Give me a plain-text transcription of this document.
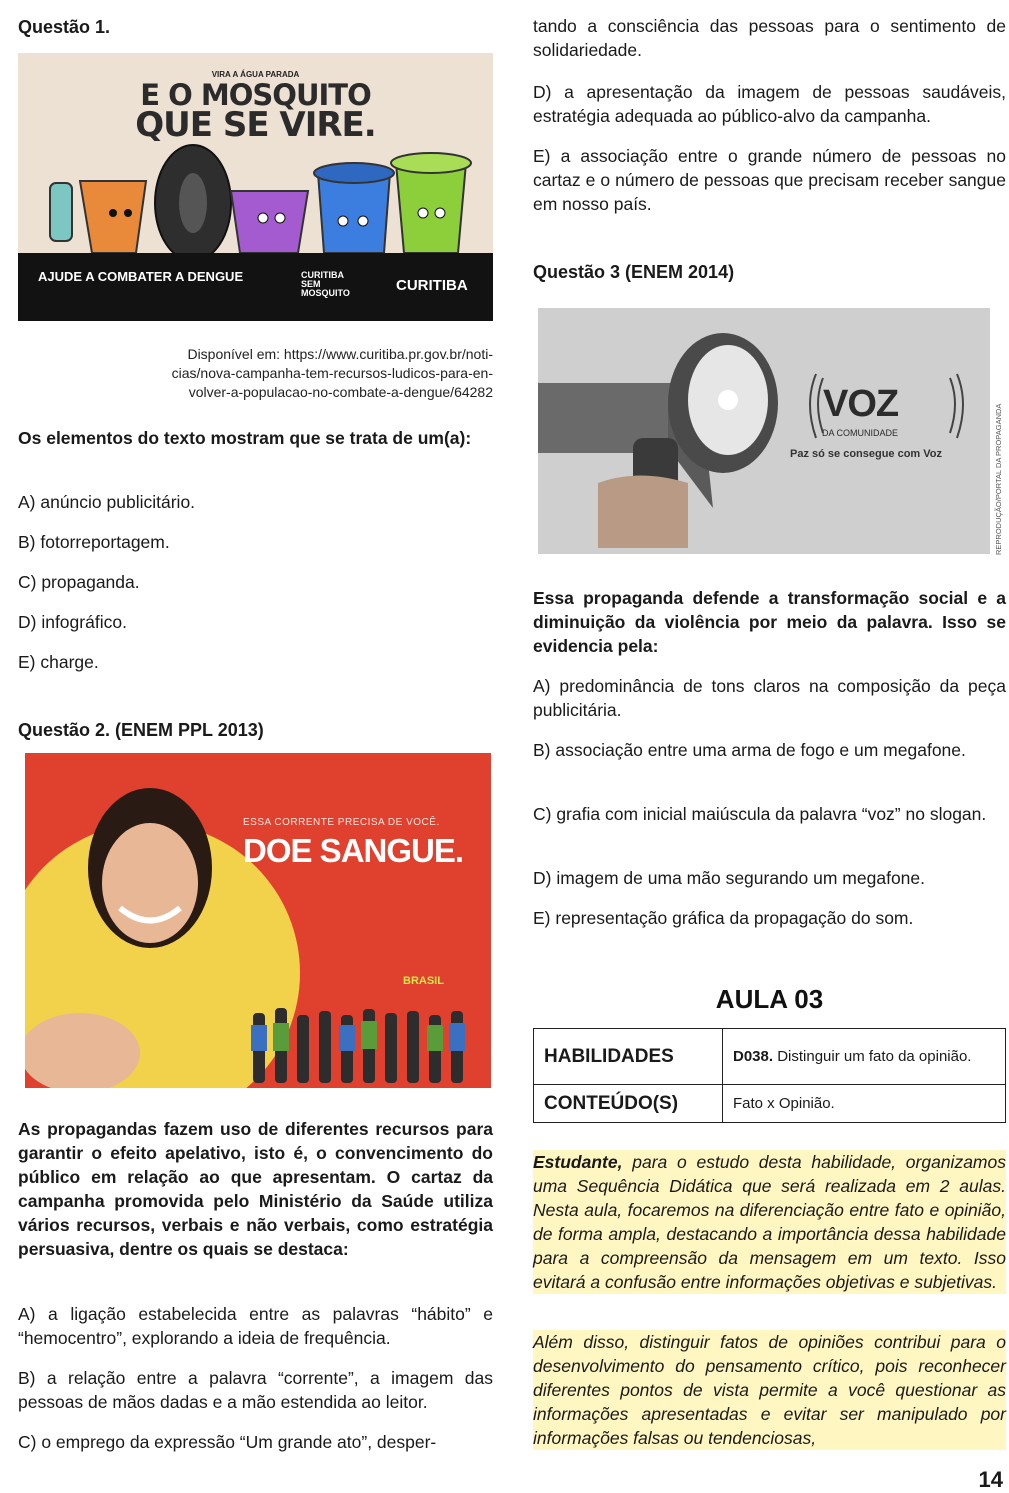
Questão 1.
VIRA A ÁGUA PARADA
E O MOSQUITO
QUE SE VIRE.
AJUDE A COMBATER A DENGUE	CURITIBA SEM MOSQUITO	CURITIBA
Disponível em: https://www.curitiba.pr.gov.br/noti-
cias/nova-campanha-tem-recursos-ludicos-para-en-
volver-a-populacao-no-combate-a-dengue/64282
Os elementos do texto mostram que se trata de um(a):
A) anúncio publicitário.
B) fotorreportagem.
C) propaganda.
D) infográfico.
E) charge.
Questão 2. (ENEM PPL 2013)
ESSA CORRENTE PRECISA DE VOCÊ.
DOE SANGUE.
BRASIL
As propagandas fazem uso de diferentes recursos para garantir o efeito apelativo, isto é, o convencimento do público em relação ao que apresentam. O cartaz da campanha promovida pelo Ministério da Saúde utiliza vários recursos, verbais e não verbais, como estratégia persuasiva, dentre os quais se destaca:
A) a ligação estabelecida entre as palavras “hábito” e “hemocentro”, explorando a ideia de frequência.
B) a relação entre a palavra “corrente”, a imagem das pessoas de mãos dadas e a mão estendida ao leitor.
C) o emprego da expressão “Um grande ato”, desper-
tando a consciência das pessoas para o sentimento de solidariedade.
D) a apresentação da imagem de pessoas saudáveis, estratégia adequada ao público-alvo da campanha.
E) a associação entre o grande número de pessoas no cartaz e o número de pessoas que precisam receber sangue em nosso país.
Questão 3 (ENEM 2014)
VOZ
DA COMUNIDADE
Paz só se consegue com Voz	REPRODUÇÃO/PORTAL DA PROPAGANDA
Essa propaganda defende a transformação social e a diminuição da violência por meio da palavra. Isso se evidencia pela:
A) predominância de tons claros na composição da peça publicitária.
B) associação entre uma arma de fogo e um megafone.
C) grafia com inicial maiúscula da palavra “voz” no slogan.
D) imagem de uma mão segurando um megafone.
E) representação gráfica da propagação do som.
AULA 03
HABILIDADES	D038. Distinguir um fato da opinião.
CONTEÚDO(S)	Fato x Opinião.
Estudante, para o estudo desta habilidade, organizamos uma Sequência Didática que será realizada em 2 aulas. Nesta aula, focaremos na diferenciação entre fato e opinião, de forma ampla, destacando a importância dessa habilidade para a compreensão da mensagem em um texto. Isso evitará a confusão entre informações objetivas e subjetivas.
Além disso, distinguir fatos de opiniões contribui para o desenvolvimento do pensamento crítico, pois reconhecer diferentes pontos de vista permite a você questionar as informações apresentadas e evitar ser manipulado por informações falsas ou tendenciosas,
14
